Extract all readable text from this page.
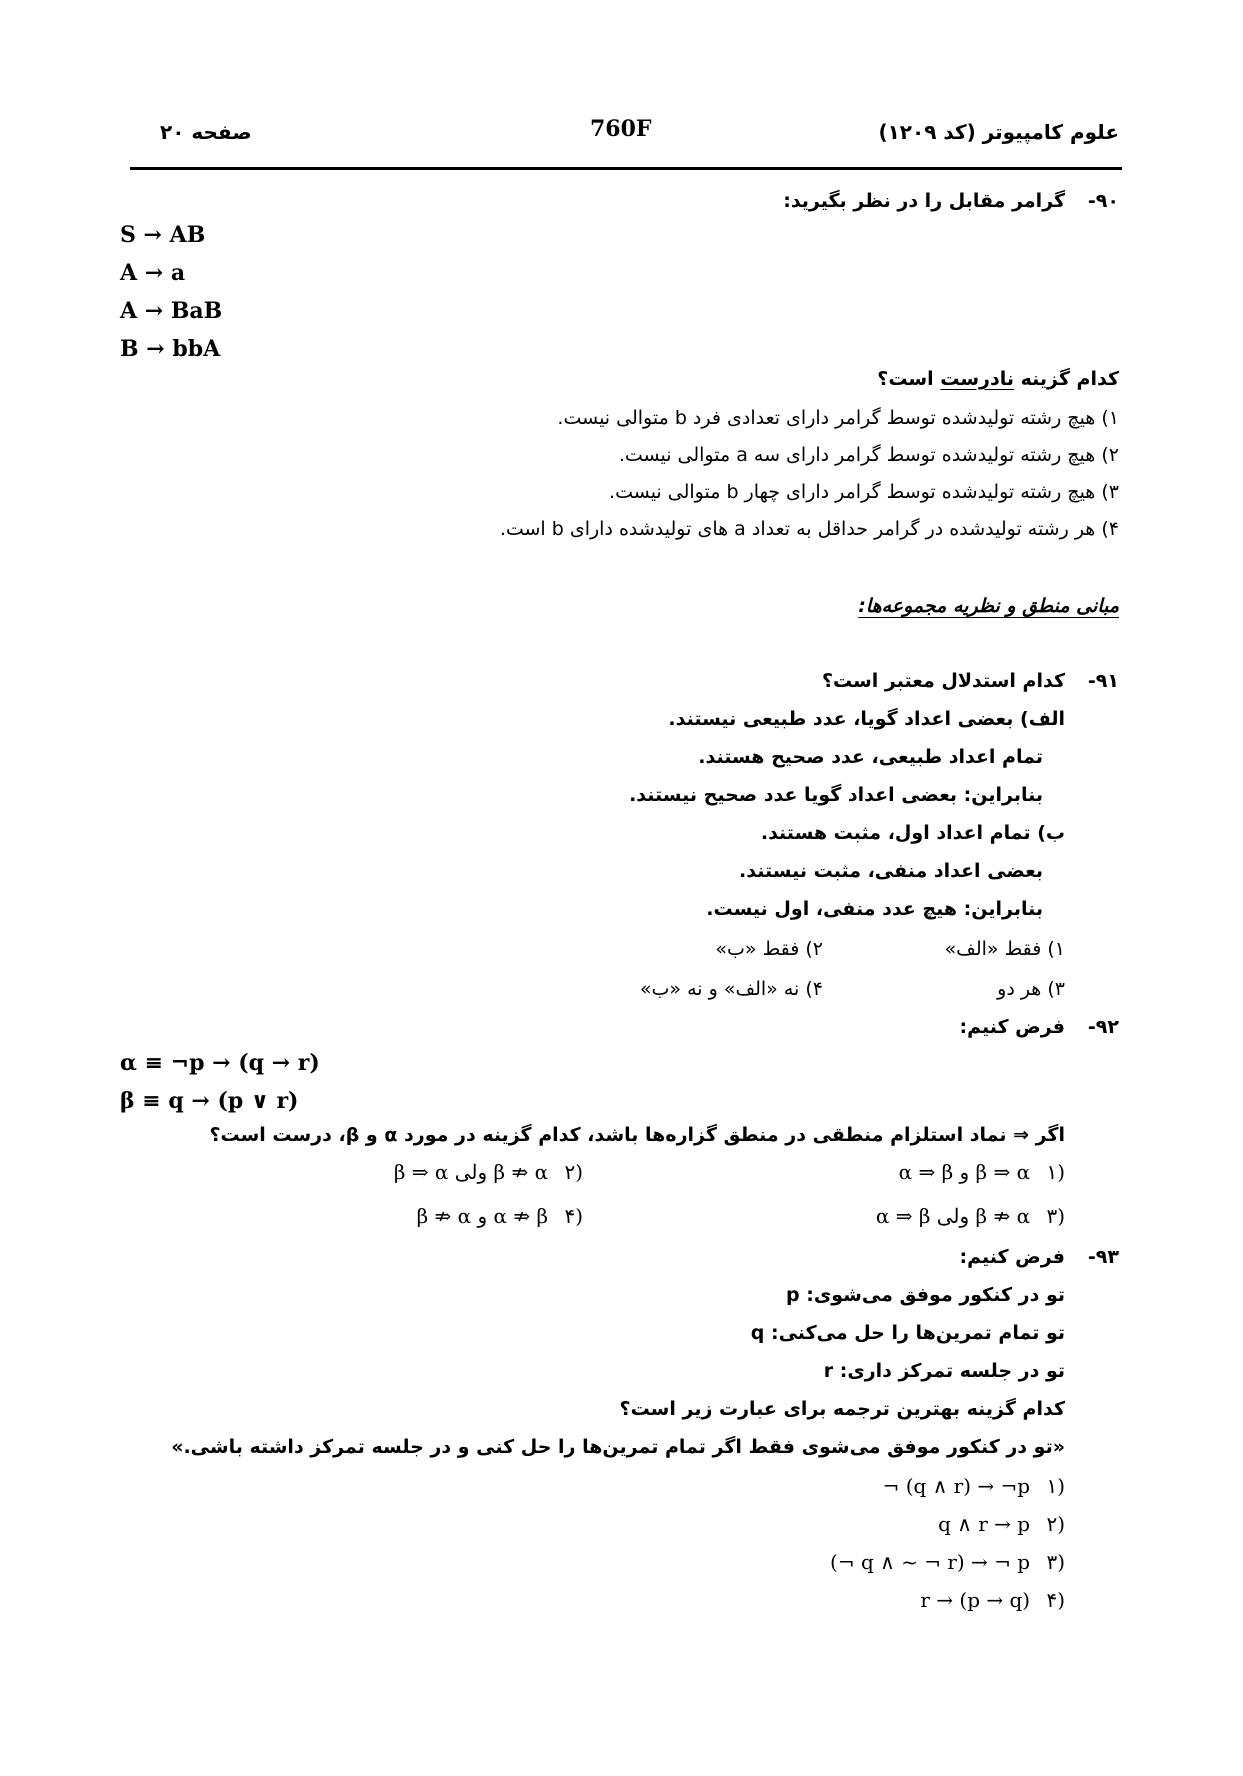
علوم کامپیوتر (کد ۱۲۰۹)
760F
صفحه ۲۰
-۹۰
گرامر مقابل را در نظر بگیرید:
S → AB
A → a
A → BaB
B → bbA
کدام گزینه نادرست است؟
۱) هیچ رشته تولیدشده توسط گرامر دارای تعدادی فرد b متوالی نیست.
۲) هیچ رشته تولیدشده توسط گرامر دارای سه a متوالی نیست.
۳) هیچ رشته تولیدشده توسط گرامر دارای چهار b متوالی نیست.
۴) هر رشته تولیدشده در گرامر حداقل به تعداد a های تولیدشده دارای b است.
مبانی منطق و نظریه مجموعه‌ها:
-۹۱
کدام استدلال معتبر است؟
الف) بعضی اعداد گویا، عدد طبیعی نیستند.
تمام اعداد طبیعی، عدد صحیح هستند.
بنابراین: بعضی اعداد گویا عدد صحیح نیستند.
ب) تمام اعداد اول، مثبت هستند.
بعضی اعداد منفی، مثبت نیستند.
بنابراین: هیچ عدد منفی، اول نیست.
۱) فقط «الف»
۲) فقط «ب»
۳) هر دو
۴) نه «الف» و نه «ب»
-۹۲
فرض کنیم:
α ≡ ¬p → (q → r)
β ≡ q → (p ∨ r)
اگر ⇒ نماد استلزام منطقی در منطق گزاره‌ها باشد، کدام گزینه در مورد α و β، درست است؟
α ⇒ β و β ⇒ α ۱)
β ⇒ α ولی β ⇏ α ۲)
α ⇒ β ولی β ⇏ α ۳)
β ⇏ α و α ⇏ β ۴)
-۹۳
فرض کنیم:
تو در کنکور موفق می‌شوی: p
تو تمام تمرین‌ها را حل می‌کنی: q
تو در جلسه تمرکز داری: r
کدام گزینه بهترین ترجمه برای عبارت زیر است؟
«تو در کنکور موفق می‌شوی فقط اگر تمام تمرین‌ها را حل کنی و در جلسه تمرکز داشته باشی.»
¬ (q ∧ r) → ¬p ۱)
q ∧ r → p ۲)
(¬ q ∧ ~ ¬ r) → ¬ p ۳)
r → (p → q) ۴)
